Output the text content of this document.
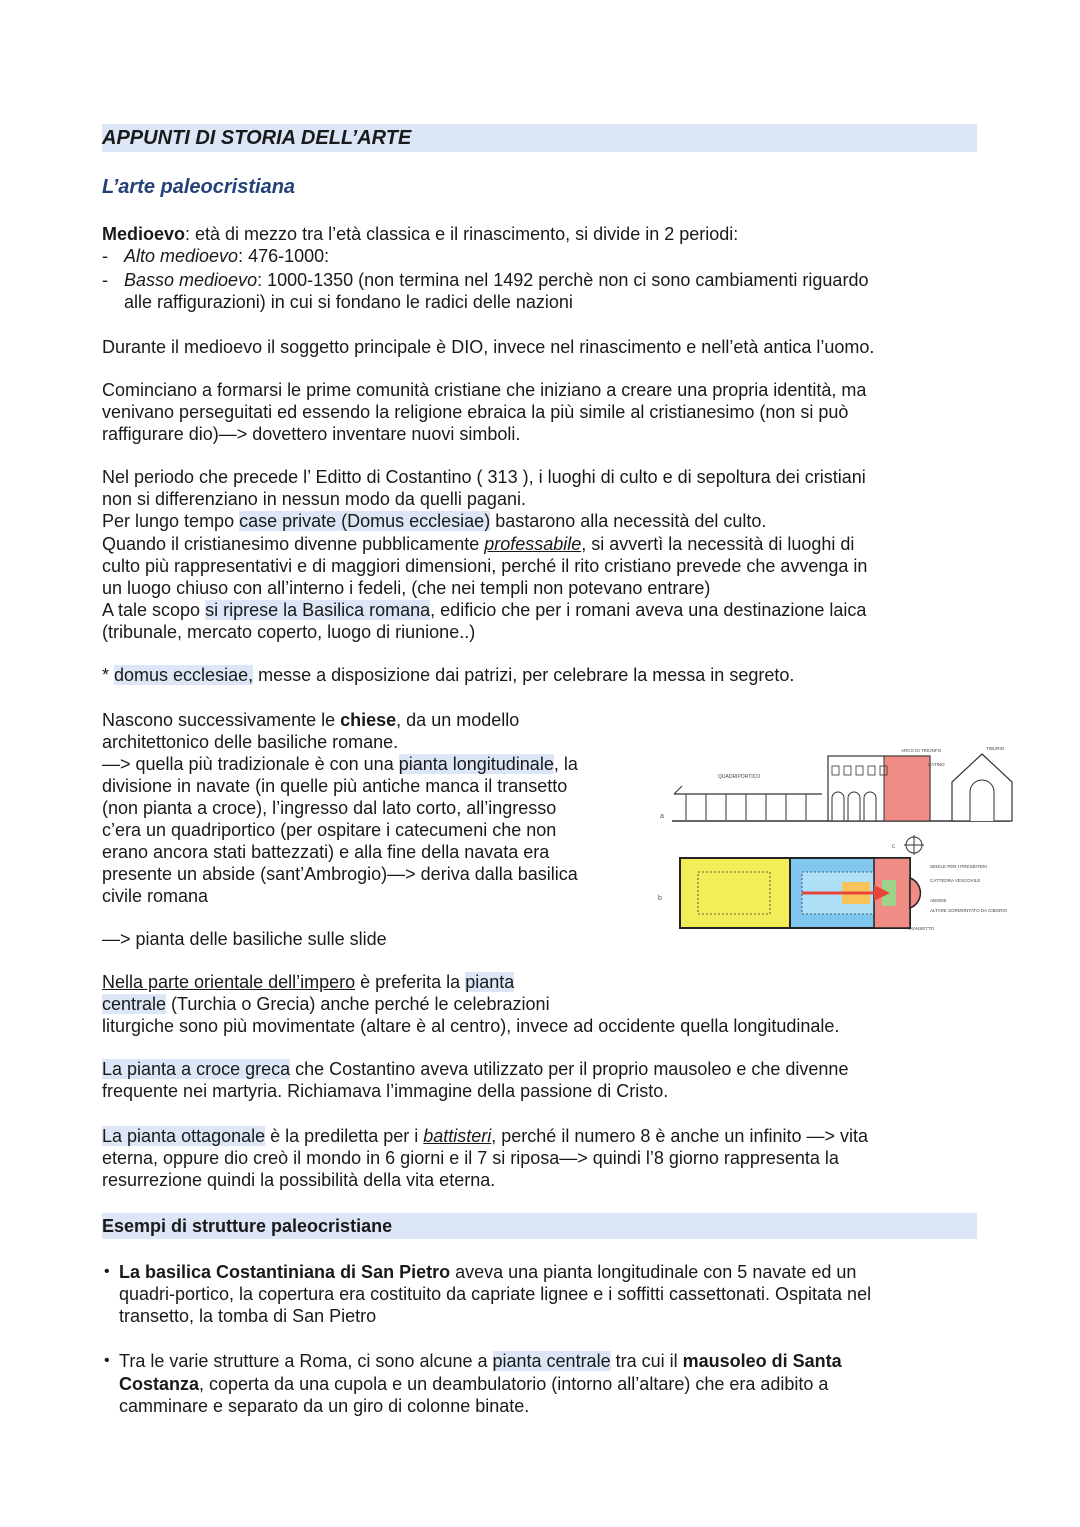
APPUNTI DI STORIA DELL’ARTE
L’arte paleocristiana
Medioevo: età di mezzo tra l’età classica e il rinascimento, si divide in 2 periodi:
- Alto medioevo: 476-1000:
- Basso medioevo: 1000-1350 (non termina nel 1492 perchè non ci sono cambiamenti riguardo
alle raffigurazioni) in cui si fondano le radici delle nazioni
Durante il medioevo il soggetto principale è DIO, invece nel rinascimento e nell’età antica l’uomo.
Cominciano a formarsi le prime comunità cristiane che iniziano a creare una propria identità, ma
venivano perseguitati ed essendo la religione ebraica la più simile al cristianesimo (non si può
raffigurare dio)—> dovettero inventare nuovi simboli.
Nel periodo che precede l’ Editto di Costantino ( 313 ), i luoghi di culto e di sepoltura dei cristiani
non si differenziano in nessun modo da quelli pagani.
Per lungo tempo case private (Domus ecclesiae) bastarono alla necessità del culto.
Quando il cristianesimo divenne pubblicamente professabile, si avvertì la necessità di luoghi di
culto più rappresentativi e di maggiori dimensioni, perché il rito cristiano prevede che avvenga in
un luogo chiuso con all’interno i fedeli, (che nei templi non potevano entrare)
A tale scopo si riprese la Basilica romana, edificio che per i romani aveva una destinazione laica
(tribunale, mercato coperto, luogo di riunione..)
* domus ecclesiae, messe a disposizione dai patrizi, per celebrare la messa in segreto.
Nascono successivamente le chiese, da un modello
architettonico delle basiliche romane.
—> quella più tradizionale è con una pianta longitudinale, la
divisione in navate (in quelle più antiche manca il transetto
(non pianta a croce), l’ingresso dal lato corto, all’ingresso
c’era un quadriportico (per ospitare i catecumeni che non
erano ancora stati battezzati) e alla fine della navata era
presente un abside (sant’Ambrogio)—> deriva dalla basilica
civile romana
—> pianta delle basiliche sulle slide
QUADRIPORTICO
ARCO DI TRIONFO
CATINO
TIBURIO
a
c
b
SEDILE PER I PRESBITERI
CATTEDRA VESCOVILE
ABSIDE
ALTARE SORMONTATO DA CIBORIO
TRANSETTO
Nella parte orientale dell’impero è preferita la pianta
centrale (Turchia o Grecia) anche perché le celebrazioni
liturgiche sono più movimentate (altare è al centro), invece ad occidente quella longitudinale.
La pianta a croce greca che Costantino aveva utilizzato per il proprio mausoleo e che divenne
frequente nei martyria. Richiamava l’immagine della passione di Cristo.
La pianta ottagonale è la prediletta per i battisteri, perché il numero 8 è anche un infinito —> vita
eterna, oppure dio creò il mondo in 6 giorni e il 7 si riposa—> quindi l’8 giorno rappresenta la
resurrezione quindi la possibilità della vita eterna.
Esempi di strutture paleocristiane
• La basilica Costantiniana di San Pietro aveva una pianta longitudinale con 5 navate ed un
quadri-portico, la copertura era costituito da capriate lignee e i soffitti cassettonati. Ospitata nel
transetto, la tomba di San Pietro
• Tra le varie strutture a Roma, ci sono alcune a pianta centrale tra cui il mausoleo di Santa
Costanza, coperta da una cupola e un deambulatorio (intorno all’altare) che era adibito a
camminare e separato da un giro di colonne binate.
